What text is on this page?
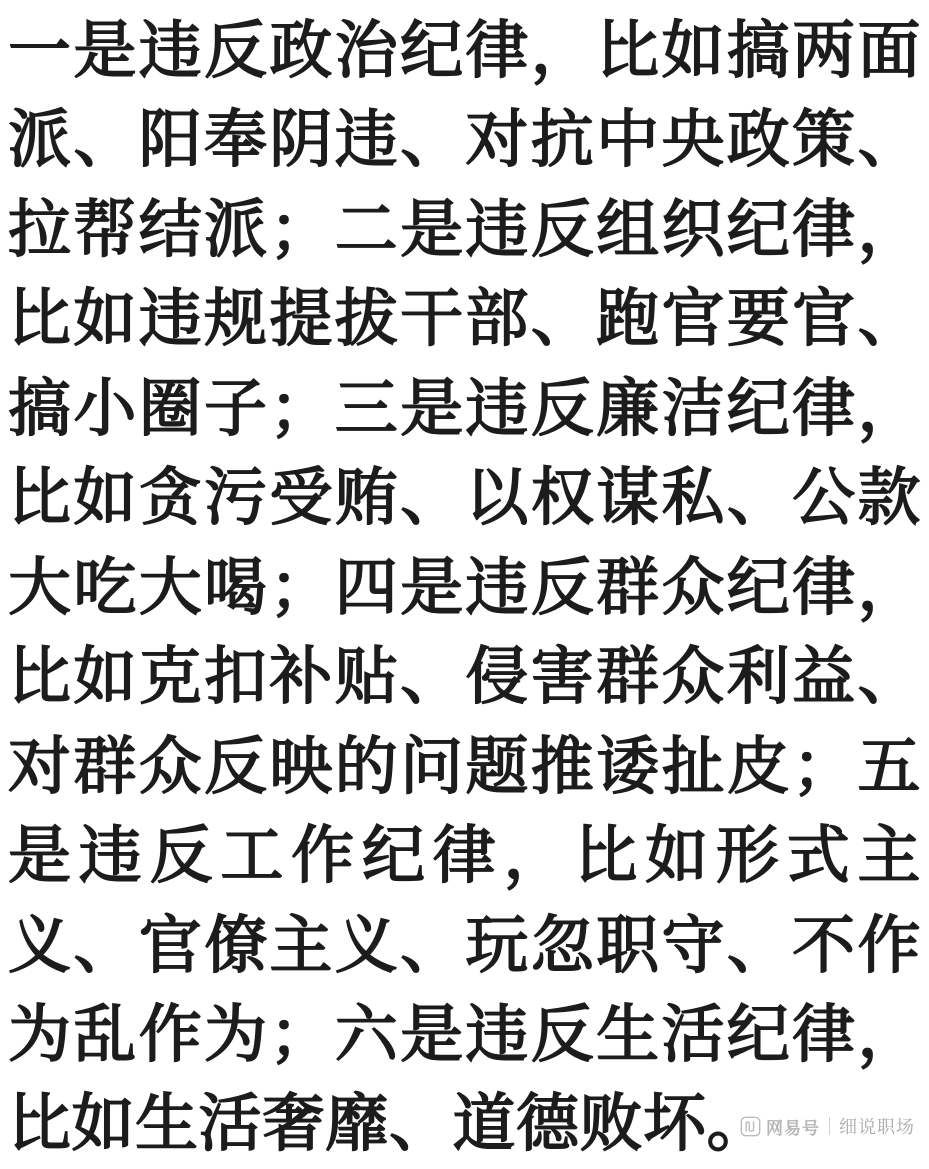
一是违反政治纪律，比如搞两面派、阳奉阴违、对抗中央政策、拉帮结派；二是违反组织纪律，比如违规提拔干部、跑官要官、搞小圈子；三是违反廉洁纪律，比如贪污受贿、以权谋私、公款大吃大喝；四是违反群众纪律，比如克扣补贴、侵害群众利益、对群众反映的问题推诿扯皮；五是违反工作纪律，比如形式主义、官僚主义、玩忽职守、不作为乱作为；六是违反生活纪律，比如生活奢靡、道德败坏。
网易号 细说职场
